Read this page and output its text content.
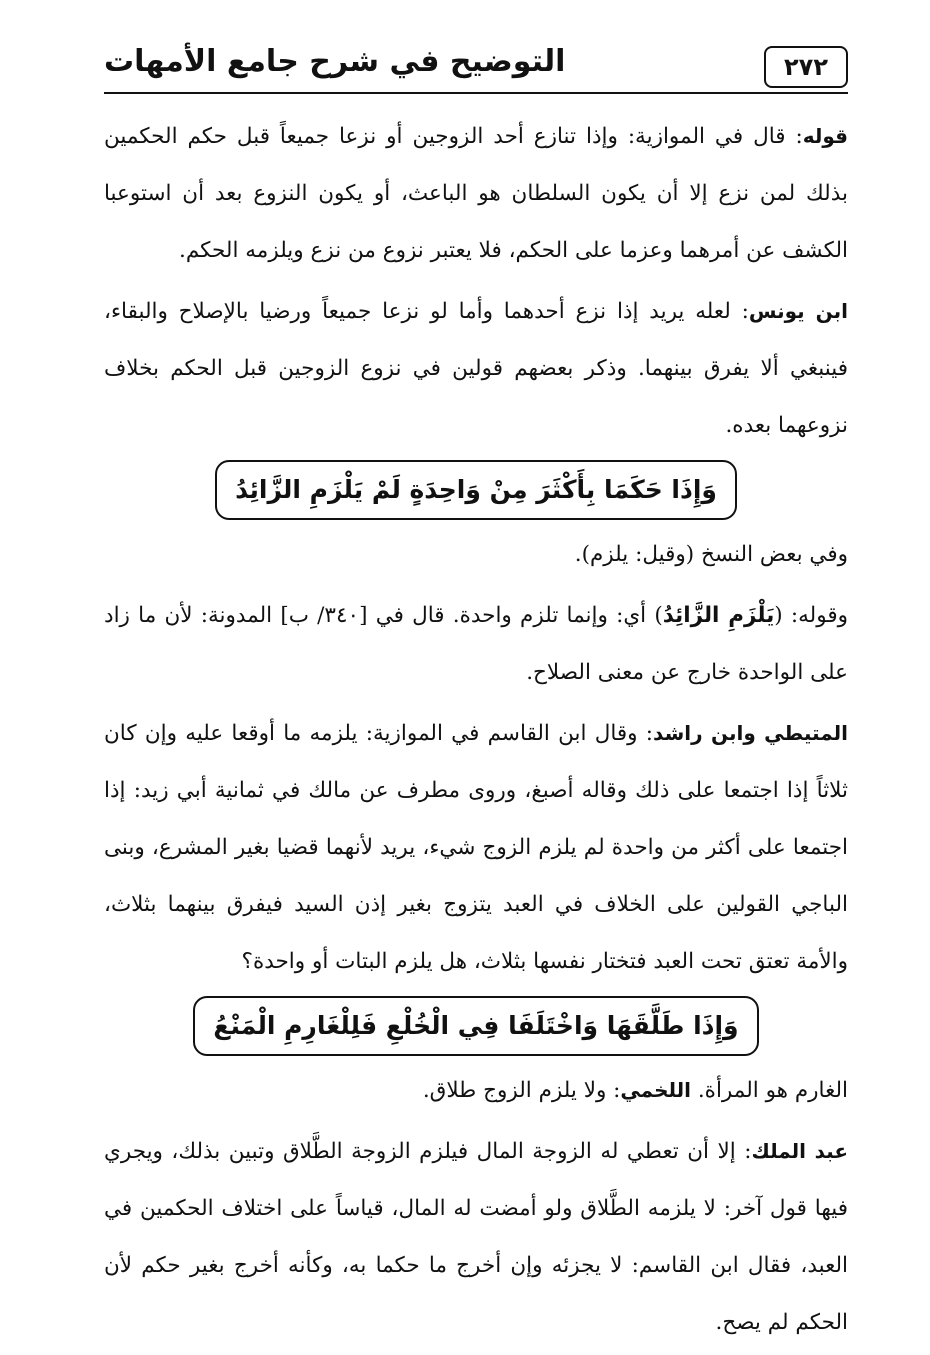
٢٧٢
التوضيح في شرح جامع الأمهات

قوله: قال في الموازية: وإذا تنازع أحد الزوجين أو نزعا جميعاً قبل حكم الحكمين بذلك لمن نزع إلا أن يكون السلطان هو الباعث، أو يكون النزوع بعد أن استوعبا الكشف عن أمرهما وعزما على الحكم، فلا يعتبر نزوع من نزع ويلزمه الحكم.

ابن يونس: لعله يريد إذا نزع أحدهما وأما لو نزعا جميعاً ورضيا بالإصلاح والبقاء، فينبغي ألا يفرق بينهما. وذكر بعضهم قولين في نزوع الزوجين قبل الحكم بخلاف نزوعهما بعده.

وَإِذَا حَكَمَا بِأَكْثَرَ مِنْ وَاحِدَةٍ لَمْ يَلْزَمِ الزَّائِدُ

وفي بعض النسخ (وقيل: يلزم).

وقوله: (يَلْزَمِ الزَّائِدُ) أي: وإنما تلزم واحدة. قال في [٣٤٠/ ب] المدونة: لأن ما زاد على الواحدة خارج عن معنى الصلاح.

المتيطي وابن راشد: وقال ابن القاسم في الموازية: يلزمه ما أوقعا عليه وإن كان ثلاثاً إذا اجتمعا على ذلك وقاله أصبغ، وروى مطرف عن مالك في ثمانية أبي زيد: إذا اجتمعا على أكثر من واحدة لم يلزم الزوج شيء، يريد لأنهما قضيا بغير المشرع، وبنى الباجي القولين على الخلاف في العبد يتزوج بغير إذن السيد فيفرق بينهما بثلاث، والأمة تعتق تحت العبد فتختار نفسها بثلاث، هل يلزم البتات أو واحدة؟

وَإِذَا طَلَّقَهَا وَاخْتَلَفَا فِي الْخُلْعِ فَلِلْغَارِمِ الْمَنْعُ

الغارم هو المرأة. اللخمي: ولا يلزم الزوج طلاق.

عبد الملك: إلا أن تعطي له الزوجة المال فيلزم الزوجة الطَّلاق وتبين بذلك، ويجري فيها قول آخر: لا يلزمه الطَّلاق ولو أمضت له المال، قياساً على اختلاف الحكمين في العبد، فقال ابن القاسم: لا يجزئه وإن أخرج ما حكما به، وكأنه أخرج بغير حكم لأن الحكم لم يصح.
